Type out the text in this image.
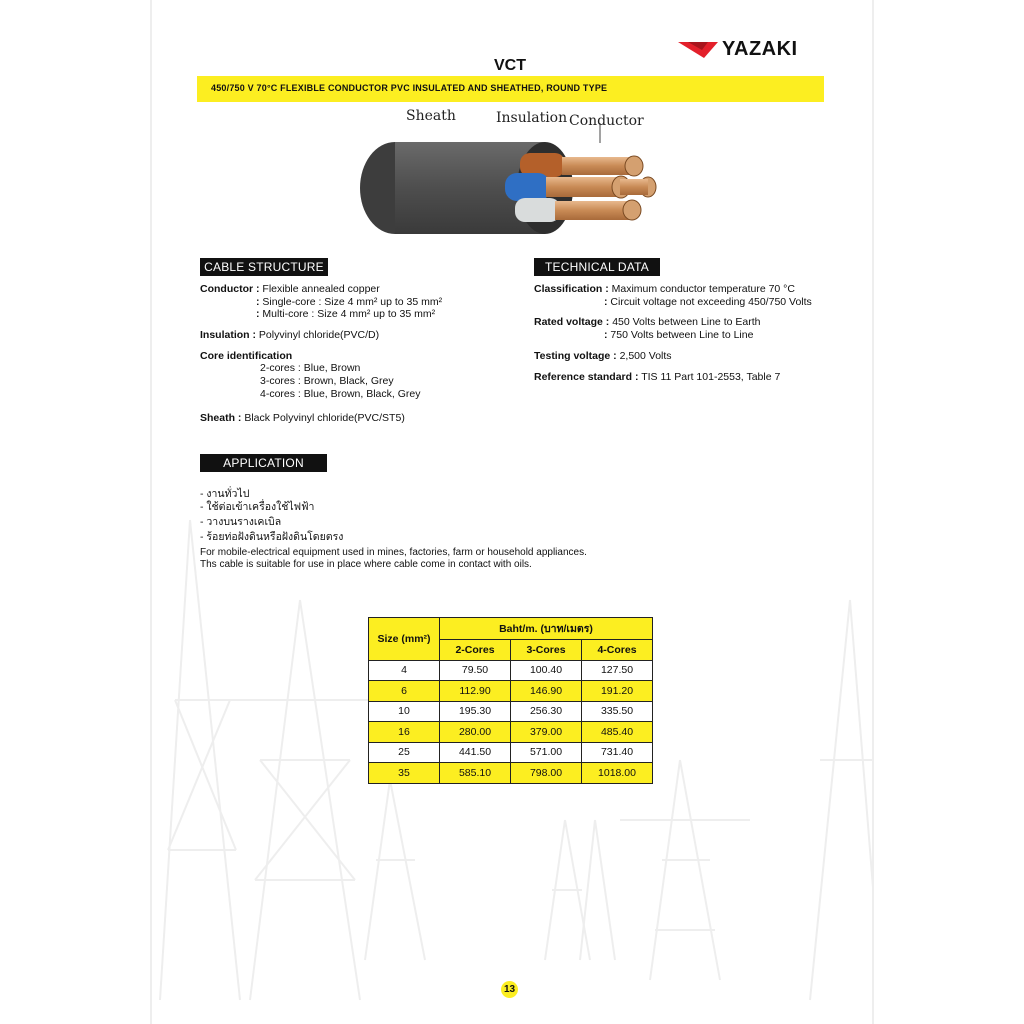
YAZAKI
VCT
450/750 V 70°C FLEXIBLE CONDUCTOR PVC INSULATED AND SHEATHED, ROUND TYPE
Sheath	Insulation Conductor
CABLE STRUCTURE
Conductor : Flexible annealed copper
: Single-core : Size 4 mm² up to 35 mm²
: Multi-core : Size 4 mm² up to 35 mm²
Insulation : Polyvinyl chloride(PVC/D)
Core identification
2-cores : Blue, Brown
3-cores : Brown, Black, Grey
4-cores : Blue, Brown, Black, Grey
Sheath : Black Polyvinyl chloride(PVC/ST5)
TECHNICAL DATA
Classification : Maximum conductor temperature 70 °C
: Circuit voltage not exceeding 450/750 Volts
Rated voltage : 450 Volts between Line to Earth
: 750 Volts between Line to Line
Testing voltage : 2,500 Volts
Reference standard : TIS 11 Part 101-2553, Table 7
APPLICATION
- งานทั่วไป
- ใช้ต่อเข้าเครื่องใช้ไฟฟ้า
- วางบนรางเคเบิล
- ร้อยท่อฝังดินหรือฝังดินโดยตรง
For mobile-electrical equipment used in mines, factories, farm or household appliances.
Ths cable is suitable for use in place where cable come in contact with oils.
13
Size (mm²)	Baht/m. (บาท/เมตร)		
	2-Cores	3-Cores	4-Cores
4	79.50	100.40	127.50
6	112.90	146.90	191.20
10	195.30	256.30	335.50
16	280.00	379.00	485.40
25	441.50	571.00	731.40
35	585.10	798.00	1018.00
